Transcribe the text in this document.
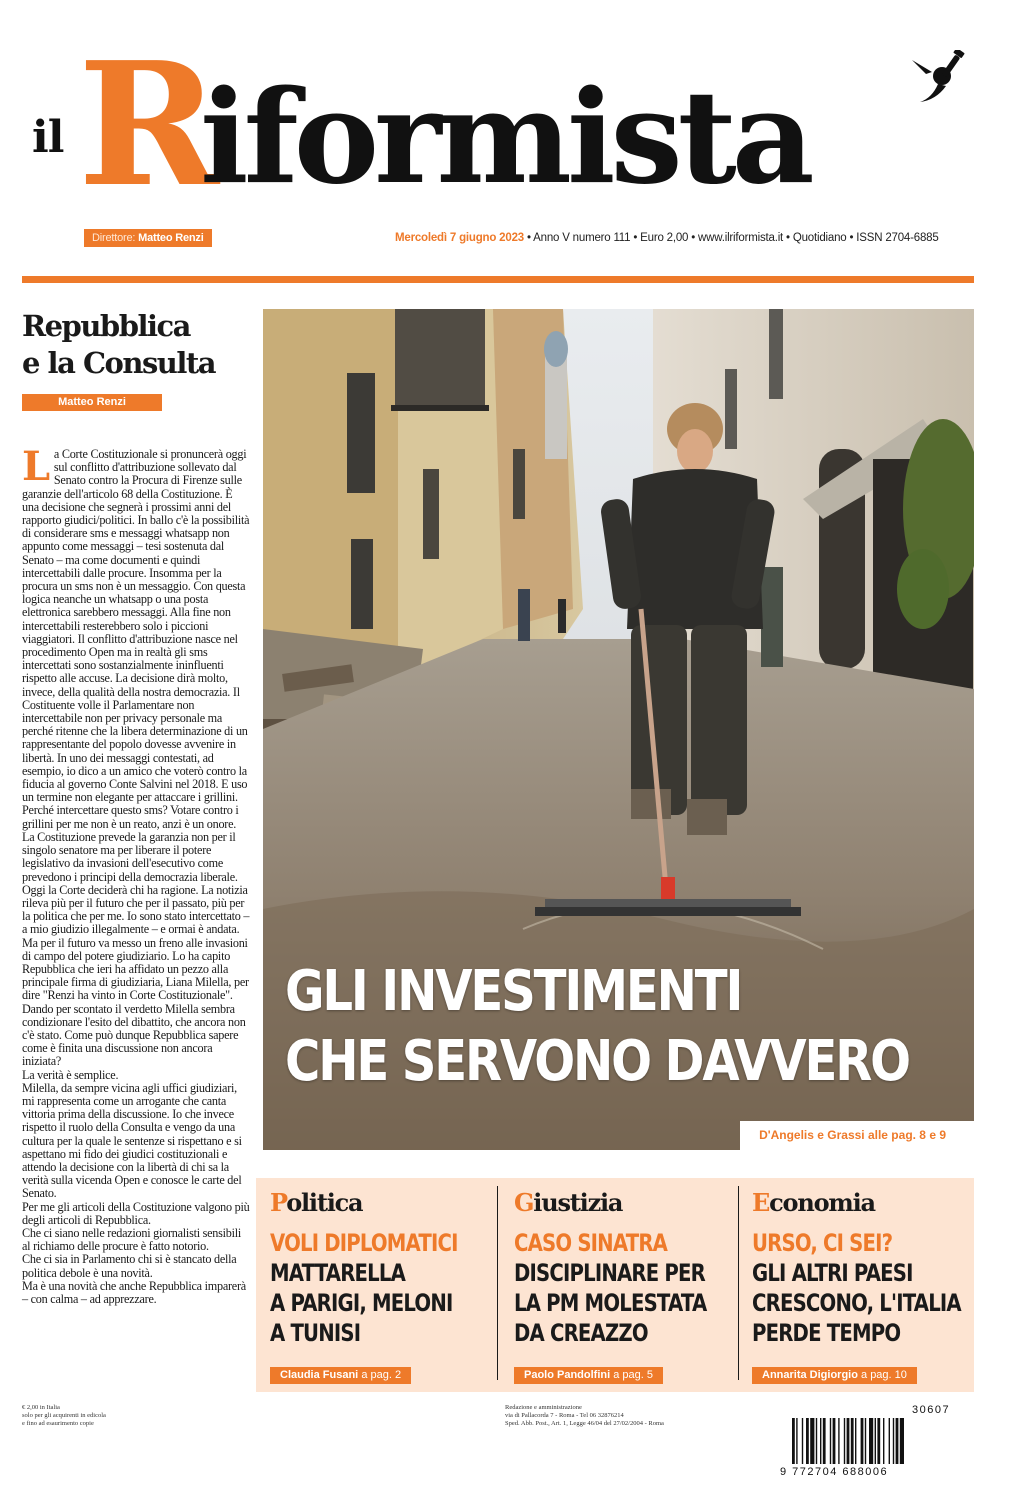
il R
iformista
Direttore: Matteo Renzi	Mercoledì 7 giugno 2023 • Anno V numero 111 • Euro 2,00 • www.ilriformista.it • Quotidiano • ISSN 2704-6885
Repubblica
e la Consulta
Matteo Renzi

La Corte Costituzionale si pronuncerà oggi sul conflitto d'attribuzione sollevato dal Senato contro la Procura di Firenze sulle garanzie dell'articolo 68 della Costituzione. È una decisione che segnerà i prossimi anni del rapporto giudici/politici. In ballo c'è la possibilità di considerare sms e messaggi whatsapp non appunto come messaggi – tesi sostenuta dal Senato – ma come documenti e quindi intercettabili dalle procure. Insomma per la procura un sms non è un messaggio. Con questa logica neanche un whatsapp o una posta elettronica sarebbero messaggi. Alla fine non intercettabili resterebbero solo i piccioni viaggiatori. Il conflitto d'attribuzione nasce nel procedimento Open ma in realtà gli sms intercettati sono sostanzialmente ininfluenti rispetto alle accuse. La decisione dirà molto, invece, della qualità della nostra democrazia. Il Costituente volle il Parlamentare non intercettabile non per privacy personale ma perché ritenne che la libera determinazione di un rappresentante del popolo dovesse avvenire in libertà. In uno dei messaggi contestati, ad esempio, io dico a un amico che voterò contro la fiducia al governo Conte Salvini nel 2018. E uso un termine non elegante per attaccare i grillini. Perché intercettare questo sms? Votare contro i grillini per me non è un reato, anzi è un onore. La Costituzione prevede la garanzia non per il singolo senatore ma per liberare il potere legislativo da invasioni dell'esecutivo come prevedono i principi della democrazia liberale.

Oggi la Corte deciderà chi ha ragione. La notizia rileva più per il futuro che per il passato, più per la politica che per me. Io sono stato intercettato – a mio giudizio illegalmente – e ormai è andata. Ma per il futuro va messo un freno alle invasioni di campo del potere giudiziario. Lo ha capito Repubblica che ieri ha affidato un pezzo alla principale firma di giudiziaria, Liana Milella, per dire "Renzi ha vinto in Corte Costituzionale". Dando per scontato il verdetto Milella sembra condizionare l'esito del dibattito, che ancora non c'è stato. Come può dunque Repubblica sapere come è finita una discussione non ancora iniziata?

La verità è semplice.

Milella, da sempre vicina agli uffici giudiziari, mi rappresenta come un arrogante che canta vittoria prima della discussione. Io che invece rispetto il ruolo della Consulta e vengo da una cultura per la quale le sentenze si rispettano e si aspettano mi fido dei giudici costituzionali e attendo la decisione con la libertà di chi sa la verità sulla vicenda Open e conosce le carte del Senato.

Per me gli articoli della Costituzione valgono più degli articoli di Repubblica.

Che ci siano nelle redazioni giornalisti sensibili al richiamo delle procure è fatto notorio.

Che ci sia in Parlamento chi si è stancato della politica debole è una novità.

Ma è una novità che anche Repubblica imparerà – con calma – ad apprezzare.

GLI INVESTIMENTI
CHE SERVONO DAVVERO
D'Angelis e Grassi alle pag. 8 e 9
Politica
VOLI DIPLOMATICI
MATTARELLA
A PARIGI, MELONI
A TUNISI
Claudia Fusani a pag. 2
Giustizia
CASO SINATRA
DISCIPLINARE PER
LA PM MOLESTATA
DA CREAZZO
Paolo Pandolfini a pag. 5
Economia
URSO, CI SEI?
GLI ALTRI PAESI
CRESCONO, L'ITALIA
PERDE TEMPO
Annarita Digiorgio a pag. 10
€ 2,00 in Italia
solo per gli acquirenti in edicola
e fino ad esaurimento copie
Redazione e amministrazione
via di Pallacorda 7 - Roma - Tel 06 32876214
Sped. Abb. Post., Art. 1, Legge 46/04 del 27/02/2004 - Roma
30607
9 772704 688006
